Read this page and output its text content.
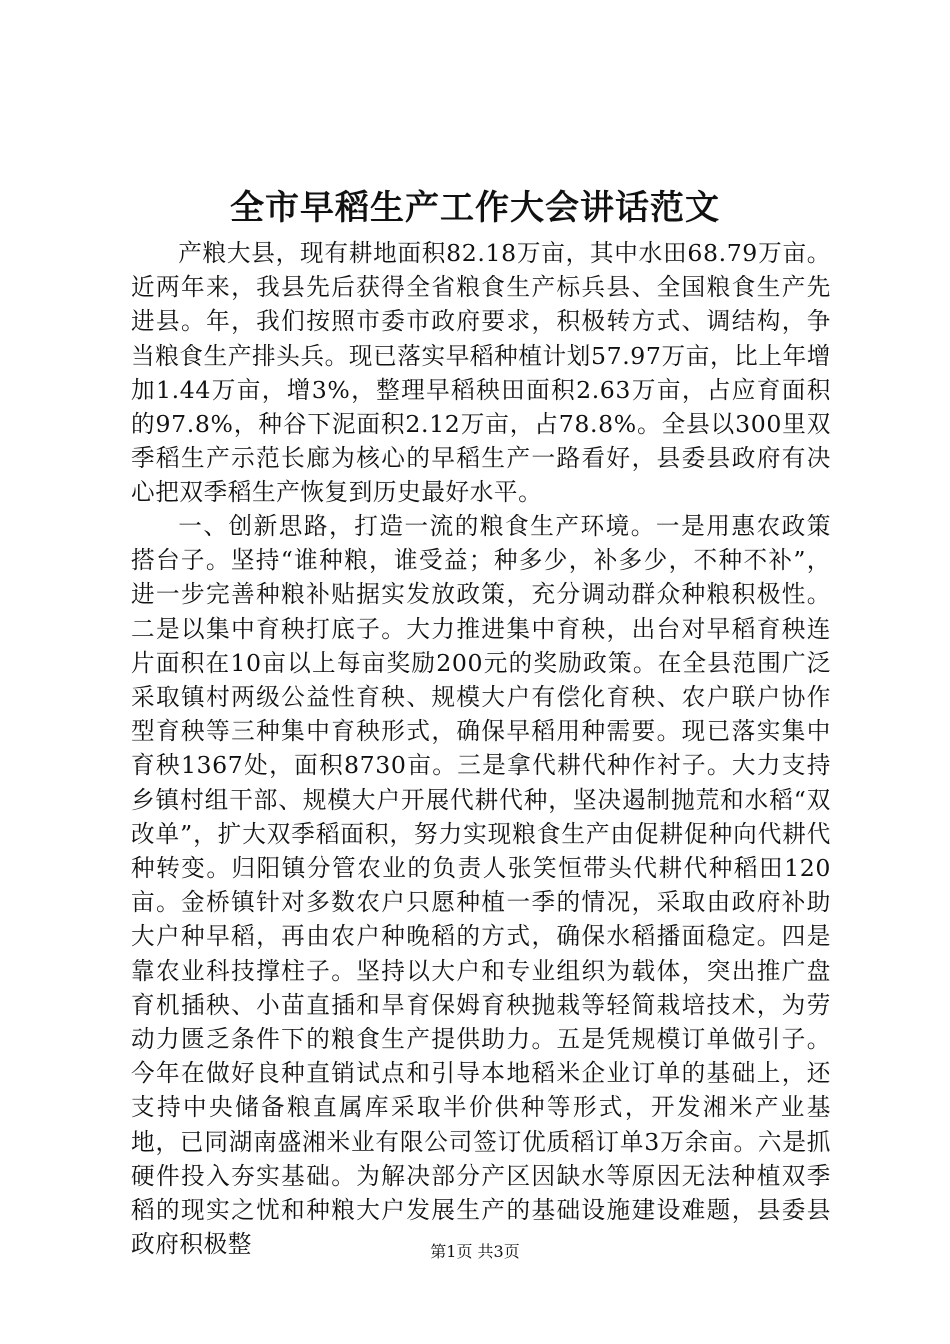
全市早稻生产工作大会讲话范文

产粮大县，现有耕地面积82.18万亩，其中水田68.79万亩。近两年来，我县先后获得全省粮食生产标兵县、全国粮食生产先进县。年，我们按照市委市政府要求，积极转方式、调结构，争当粮食生产排头兵。现已落实早稻种植计划57.97万亩，比上年增加1.44万亩，增3%，整理早稻秧田面积2.63万亩，占应育面积的97.8%，种谷下泥面积2.12万亩，占78.8%。全县以300里双季稻生产示范长廊为核心的早稻生产一路看好，县委县政府有决心把双季稻生产恢复到历史最好水平。

一、创新思路，打造一流的粮食生产环境。一是用惠农政策搭台子。坚持“谁种粮，谁受益；种多少，补多少，不种不补”，进一步完善种粮补贴据实发放政策，充分调动群众种粮积极性。二是以集中育秧打底子。大力推进集中育秧，出台对早稻育秧连片面积在10亩以上每亩奖励200元的奖励政策。在全县范围广泛采取镇村两级公益性育秧、规模大户有偿化育秧、农户联户协作型育秧等三种集中育秧形式，确保早稻用种需要。现已落实集中育秧1367处，面积8730亩。三是拿代耕代种作衬子。大力支持乡镇村组干部、规模大户开展代耕代种，坚决遏制抛荒和水稻“双改单”，扩大双季稻面积，努力实现粮食生产由促耕促种向代耕代种转变。归阳镇分管农业的负责人张笑恒带头代耕代种稻田120亩。金桥镇针对多数农户只愿种植一季的情况，采取由政府补助大户种早稻，再由农户种晚稻的方式，确保水稻播面稳定。四是靠农业科技撑柱子。坚持以大户和专业组织为载体，突出推广盘育机插秧、小苗直插和旱育保姆育秧抛栽等轻简栽培技术，为劳动力匮乏条件下的粮食生产提供助力。五是凭规模订单做引子。今年在做好良种直销试点和引导本地稻米企业订单的基础上，还支持中央储备粮直属库采取半价供种等形式，开发湘米产业基地，已同湖南盛湘米业有限公司签订优质稻订单3万余亩。六是抓硬件投入夯实基础。为解决部分产区因缺水等原因无法种植双季稻的现实之忧和种粮大户发展生产的基础设施建设难题，县委县政府积极整	第1页 共3页
